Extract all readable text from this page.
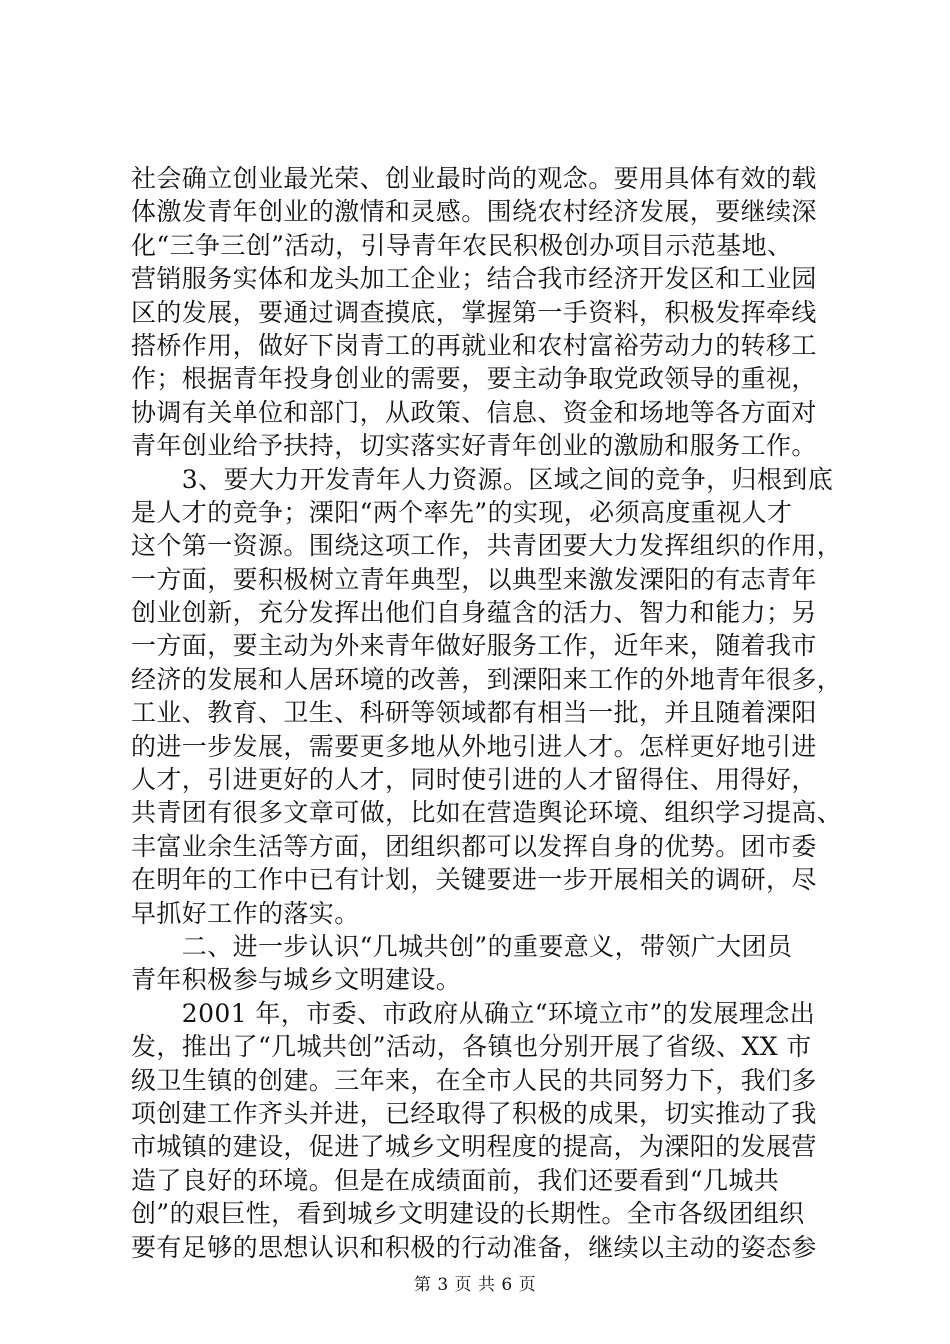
社会确立创业最光荣、创业最时尚的观念。要用具体有效的载
体激发青年创业的激情和灵感。围绕农村经济发展，要继续深
化“三争三创”活动，引导青年农民积极创办项目示范基地、
营销服务实体和龙头加工企业；结合我市经济开发区和工业园
区的发展，要通过调查摸底，掌握第一手资料，积极发挥牵线
搭桥作用，做好下岗青工的再就业和农村富裕劳动力的转移工
作；根据青年投身创业的需要，要主动争取党政领导的重视，
协调有关单位和部门，从政策、信息、资金和场地等各方面对
青年创业给予扶持，切实落实好青年创业的激励和服务工作。
　　3、要大力开发青年人力资源。区域之间的竞争，归根到底
是人才的竞争；溧阳“两个率先”的实现，必须高度重视人才
这个第一资源。围绕这项工作，共青团要大力发挥组织的作用，
一方面，要积极树立青年典型，以典型来激发溧阳的有志青年
创业创新，充分发挥出他们自身蕴含的活力、智力和能力；另
一方面，要主动为外来青年做好服务工作，近年来，随着我市
经济的发展和人居环境的改善，到溧阳来工作的外地青年很多，
工业、教育、卫生、科研等领域都有相当一批，并且随着溧阳
的进一步发展，需要更多地从外地引进人才。怎样更好地引进
人才，引进更好的人才，同时使引进的人才留得住、用得好，
共青团有很多文章可做，比如在营造舆论环境、组织学习提高、
丰富业余生活等方面，团组织都可以发挥自身的优势。团市委
在明年的工作中已有计划，关键要进一步开展相关的调研，尽
早抓好工作的落实。
　　二、进一步认识“几城共创”的重要意义，带领广大团员
青年积极参与城乡文明建设。
　　2001 年，市委、市政府从确立“环境立市”的发展理念出
发，推出了“几城共创”活动，各镇也分别开展了省级、XX 市
级卫生镇的创建。三年来，在全市人民的共同努力下，我们多
项创建工作齐头并进，已经取得了积极的成果，切实推动了我
市城镇的建设，促进了城乡文明程度的提高，为溧阳的发展营
造了良好的环境。但是在成绩面前，我们还要看到“几城共
创”的艰巨性，看到城乡文明建设的长期性。全市各级团组织
要有足够的思想认识和积极的行动准备，继续以主动的姿态参
第 3 页 共 6 页
